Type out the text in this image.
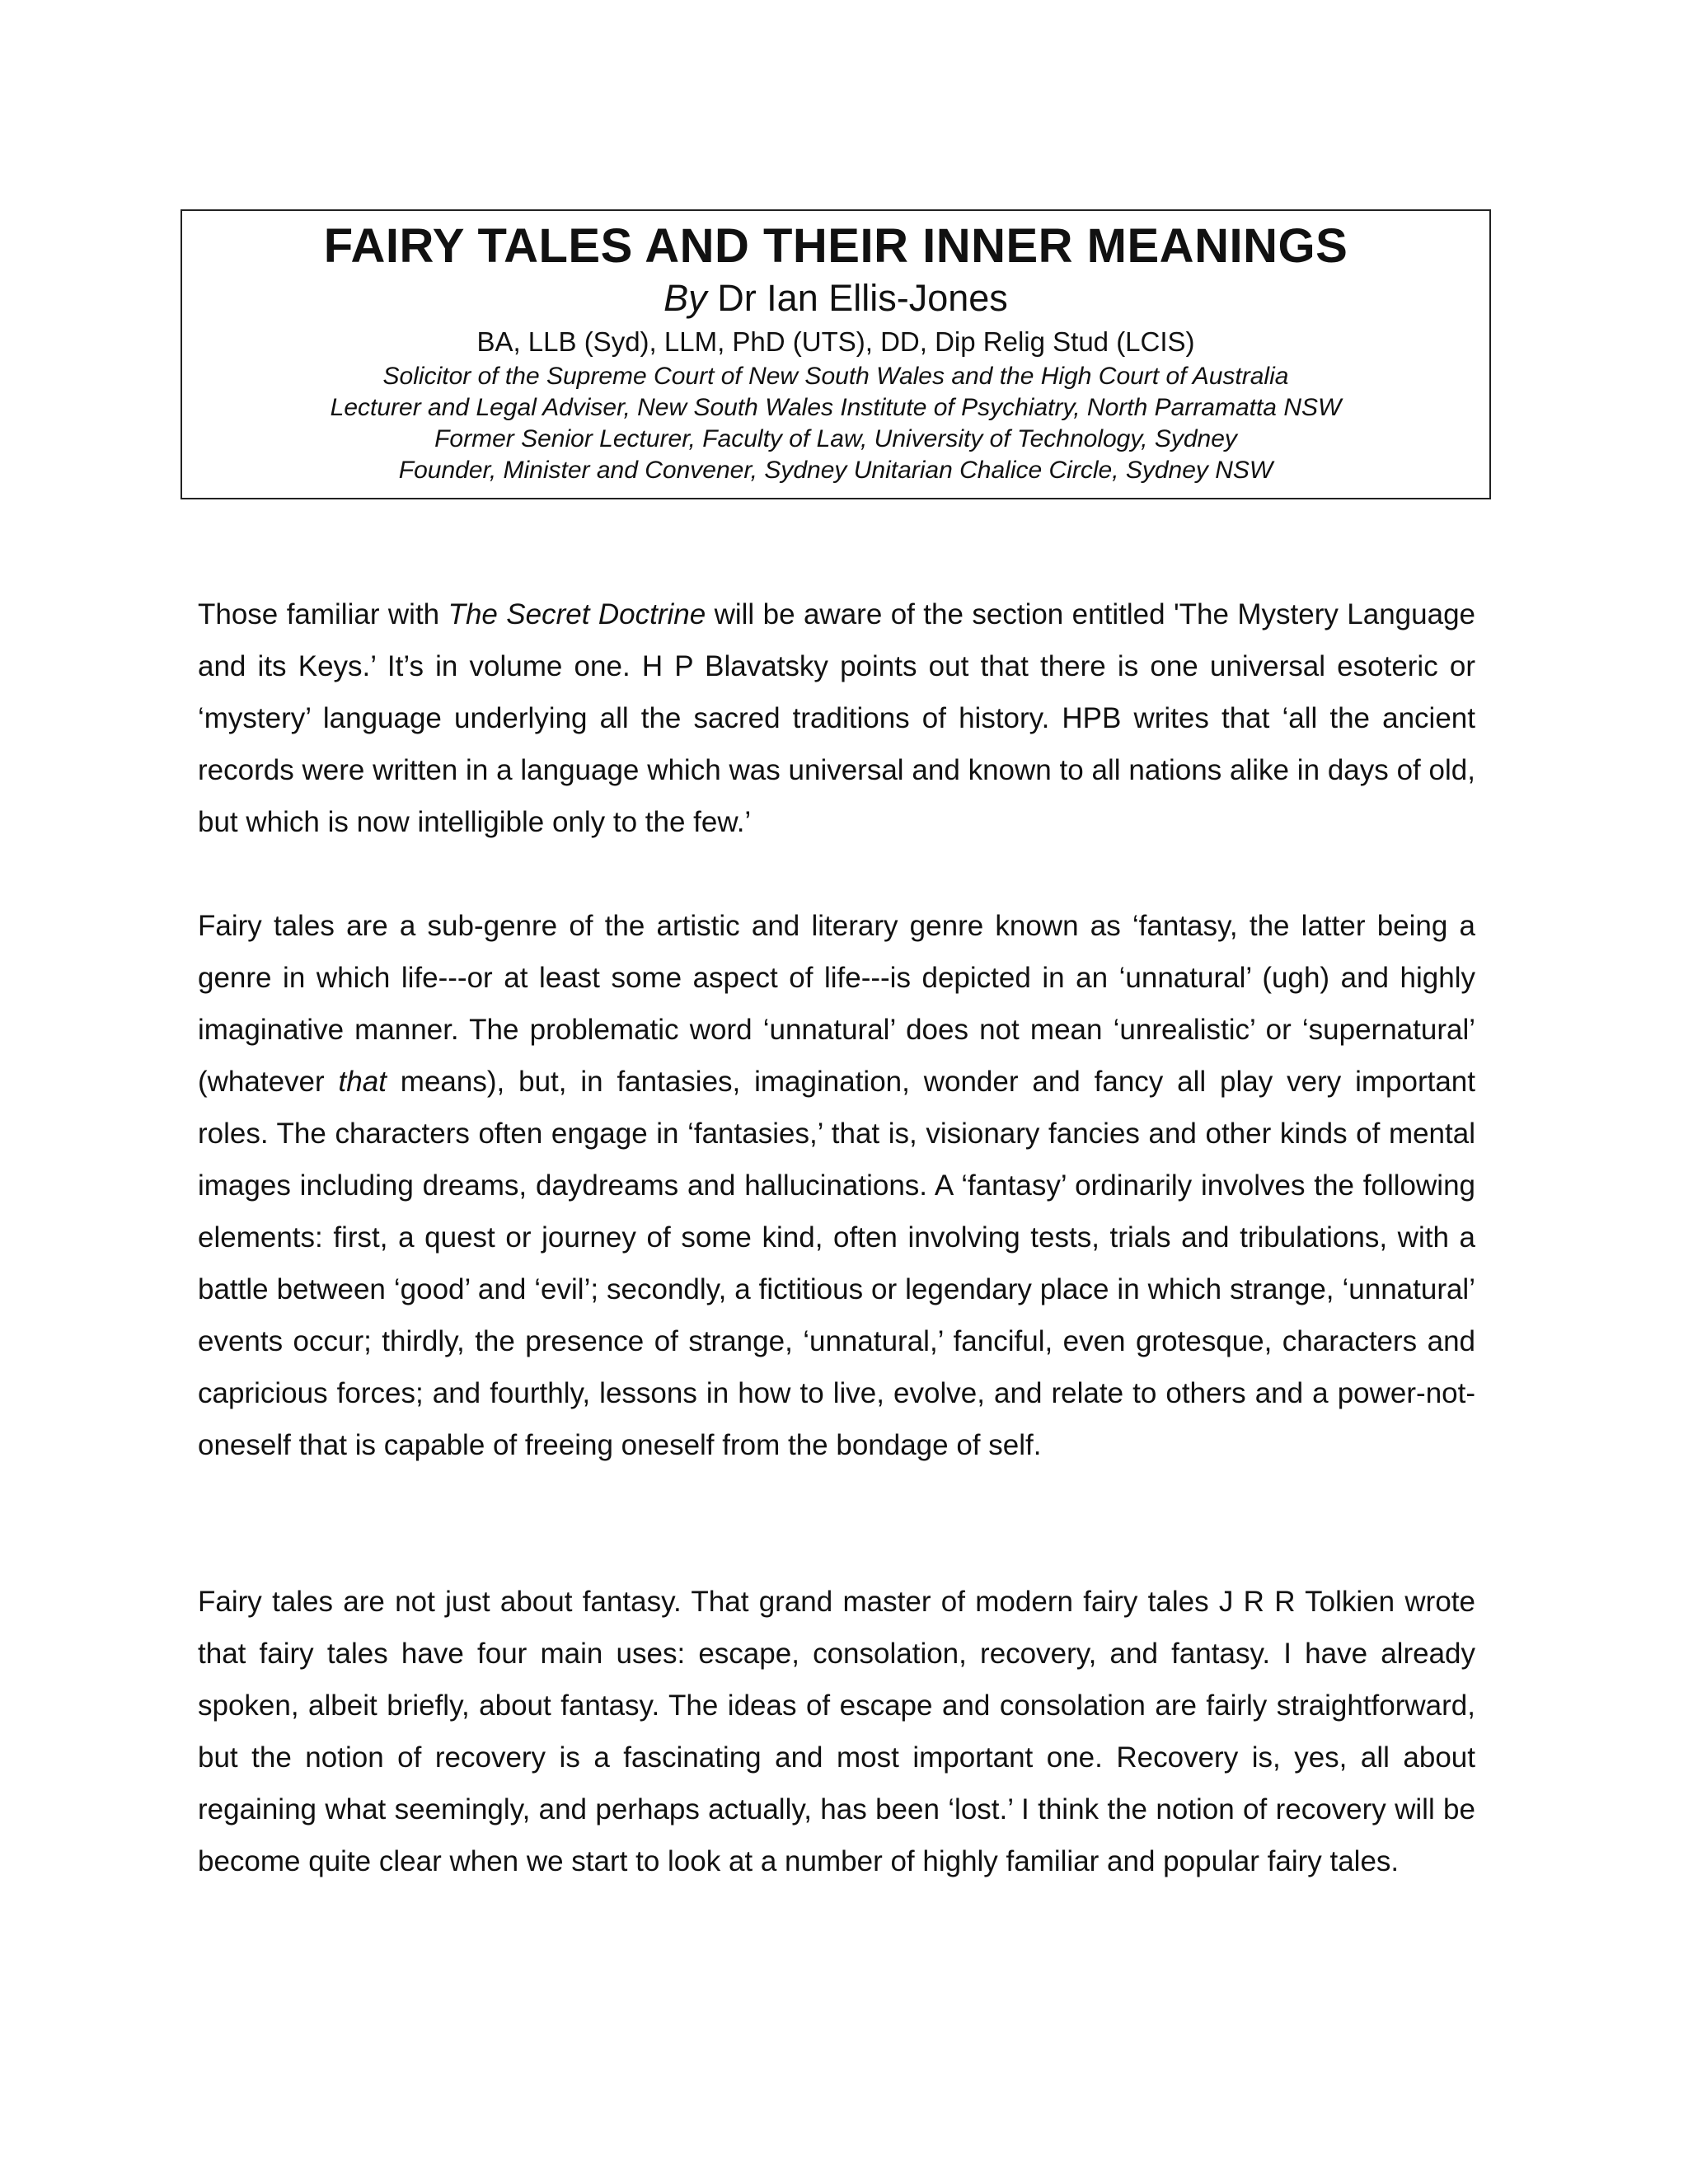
FAIRY TALES AND THEIR INNER MEANINGS
By Dr Ian Ellis-Jones
BA, LLB (Syd), LLM, PhD (UTS), DD, Dip Relig Stud (LCIS)
Solicitor of the Supreme Court of New South Wales and the High Court of Australia
Lecturer and Legal Adviser, New South Wales Institute of Psychiatry, North Parramatta NSW
Former Senior Lecturer, Faculty of Law, University of Technology, Sydney
Founder, Minister and Convener, Sydney Unitarian Chalice Circle, Sydney NSW

Those familiar with The Secret Doctrine will be aware of the section entitled 'The Mystery Language and its Keys.’ It’s in volume one. H P Blavatsky points out that there is one universal esoteric or ‘mystery’ language underlying all the sacred traditions of history. HPB writes that ‘all the ancient records were written in a language which was universal and known to all nations alike in days of old, but which is now intelligible only to the few.’

Fairy tales are a sub-genre of the artistic and literary genre known as ‘fantasy, the latter being a genre in which life---or at least some aspect of life---is depicted in an ‘unnatural’ (ugh) and highly imaginative manner. The problematic word ‘unnatural’ does not mean ‘unrealistic’ or ‘supernatural’ (whatever that means), but, in fantasies, imagination, wonder and fancy all play very important roles. The characters often engage in ‘fantasies,’ that is, visionary fancies and other kinds of mental images including dreams, daydreams and hallucinations. A ‘fantasy’ ordinarily involves the following elements: first, a quest or journey of some kind, often involving tests, trials and tribulations, with a battle between ‘good’ and ‘evil’; secondly, a fictitious or legendary place in which strange, ‘unnatural’ events occur; thirdly, the presence of strange, ‘unnatural,’ fanciful, even grotesque, characters and capricious forces; and fourthly, lessons in how to live, evolve, and relate to others and a power-not-oneself that is capable of freeing oneself from the bondage of self.

Fairy tales are not just about fantasy. That grand master of modern fairy tales J R R Tolkien wrote that fairy tales have four main uses: escape, consolation, recovery, and fantasy. I have already spoken, albeit briefly, about fantasy. The ideas of escape and consolation are fairly straightforward, but the notion of recovery is a fascinating and most important one. Recovery is, yes, all about regaining what seemingly, and perhaps actually, has been ‘lost.’ I think the notion of recovery will be become quite clear when we start to look at a number of highly familiar and popular fairy tales.
